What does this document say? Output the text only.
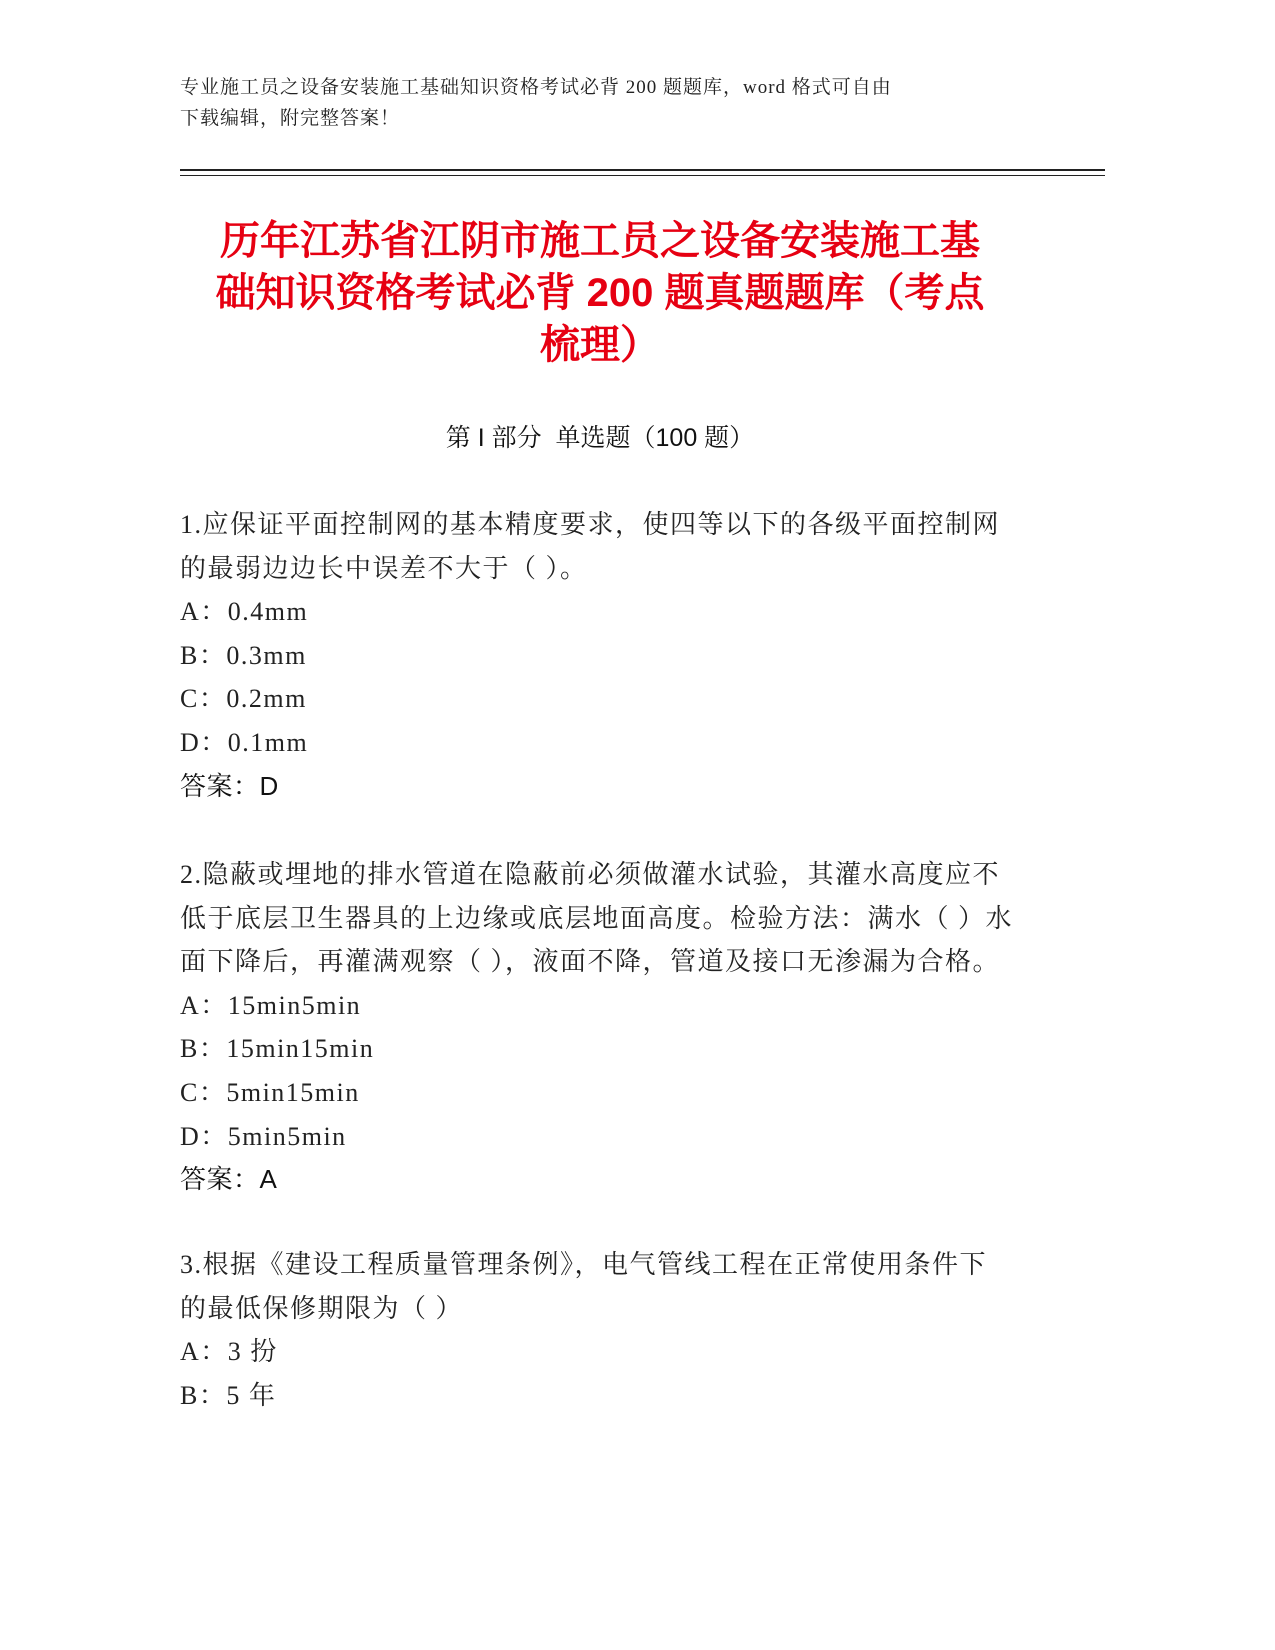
专业施工员之设备安装施工基础知识资格考试必背 200 题题库，word 格式可自由
下载编辑，附完整答案！
历年江苏省江阴市施工员之设备安装施工基
础知识资格考试必背 200 题真题题库（考点
梳理）
第 I 部分  单选题（100 题）
1.应保证平面控制网的基本精度要求，使四等以下的各级平面控制网
的最弱边边长中误差不大于（ ）。
A：0.4mm
B：0.3mm
C：0.2mm
D：0.1mm
答案：D
2.隐蔽或埋地的排水管道在隐蔽前必须做灌水试验，其灌水高度应不
低于底层卫生器具的上边缘或底层地面高度。检验方法：满水（ ）水
面下降后，再灌满观察（ ），液面不降，管道及接口无渗漏为合格。
A：15min5min
B：15min15min
C：5min15min
D：5min5min
答案：A
3.根据《建设工程质量管理条例》，电气管线工程在正常使用条件下
的最低保修期限为（ ）
A：3 扮
B：5 年
